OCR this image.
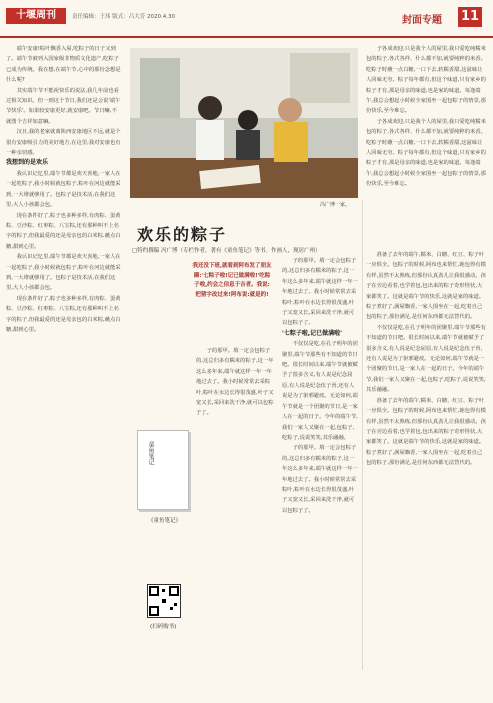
十堰周刊	责任编辑：王玮 版式：吕大芳 2020.4.30	封面专题 11

端午安康!粽叶飘香入屋,吃粽子的日子又到了。端午节被列入国家级非物质文化遗产,吃粽子已成为传统。我在想,在端午节,心中的那份念想是什么呢?

其实端午节不能祝快乐的说法,我几年前也看过相关知识。但一到这个节日,我们还是会说'端午节快乐'。如果较安康更好,就安康吧。节日嘛,不就图个吉祥如意嘛。

汉且,我的老家就离陕西安康地区不远,就是个很有安康吸引力的美好地方,在这里,我对安康也有一种亲切感。

我想到的是欢乐

我认识记忆里,端午节都是欢天喜地,一家人在一起吃粽子,我小时候就包粽子,粽叶在河边就能采到,一大堆就够用了。包粽子是技术活,在我们这里,大人小孩都会包。

现在条件好了,粽子也多种多样,有肉粽、蛋黄粽、豆沙粽、红枣粽、八宝粽,还有那种叫不上名字的粽子,但我最爱的还是母亲包的白米粽,蘸点白糖,甜到心里。

我认识记忆里,端午节都是欢天喜地,一家人在一起吃粽子,我小时候就包粽子,粽叶在河边就能采到,一大堆就够用了。包粽子是技术活,在我们这里,大人小孩都会包。

现在条件好了,粽子也多种多样,有肉粽、蛋黄粽、豆沙粽、红枣粽、八宝粽,还有那种叫不上名字的粽子,但我最爱的还是母亲包的白米粽,蘸点白糖,甜到心里。

冯广博一家。

子各成欢迎,只是我个人的屋里,我只爱吃纯糯米包的粽子,各式各样、什么都不加,就要纯粹的米香。吃粽子时蘸一点白糖,一口下去,软糯香甜,这滋味让人回味无穷。粽子每年都有,但这个味道,只有家乡的粽子才有,那是母亲的味道,也是家的味道。每逢端午,我总会想起小时候全家围坐一起包粽子的情景,那份快乐,至今难忘。

子各成欢迎,只是我个人的屋里,我只爱吃纯糯米包的粽子,各式各样、什么都不加,就要纯粹的米香。吃粽子时蘸一点白糖,一口下去,软糯香甜,这滋味让人回味无穷。粽子每年都有,但这个味道,只有家乡的粽子才有,那是母亲的味道,也是家的味道。每逢端午,我总会想起小时候全家围坐一起包粽子的情景,那份快乐,至今难忘。

欢乐的粽子
□特约撰稿 冯广博（专栏作者，著有《童鱼笔记》等书。作画人，现居广州）
我还没下班,就看到阿布发了朋友圈:'七粽子啦!记已做满啦!'吃粽子啦,约会之信息于吉者。我说:把猪字改过来!阿布说:就是的!
童鱼笔记
《童鱼笔记》
(扫码购书)

子的那甲。填一定会包粽子的,这总归多有糯米的粽子,这一年这么多年来,端午就这样一年一年地过去了。我小时候常常去采粽叶,粽叶在水边长得很茂盛,叶子又宽又长,采回来洗干净,就可以包粽子了。

子的那甲。填一定会包粽子的,这总归多有糯米的粽子,这一年这么多年来,端午就这样一年一年地过去了。我小时候常常去采粽叶,粽叶在水边长得很茂盛,叶子又宽又长,采回来洗干净,就可以包粽子了。

'七粽子啦,记已做满啦'

不仅仅是吃,在孔子明年的团聚里,端午节那些有不知道的节日吧。很长时间以来,端午节就被赋予了很多含义,有人说是纪念屈原,有人说是纪念伍子胥,还有人说是为了驱邪避疫。无论如何,端午节就是一个团聚的节日,是一家人在一起的日子。今年的端午节,我们一家人又聚在一起,包粽子,吃粽子,说说笑笑,其乐融融。

子的那甲。填一定会包粽子的,这总归多有糯米的粽子,这一年这么多年来,端午就这样一年一年地过去了。我小时候常常去采粽叶,粽叶在水边长得很茂盛,叶子又宽又长,采回来洗干净,就可以包粽子了。

准备了去年的端午,糯米、白糖、红豆、粽子叶一应俱全。包粽子的时候,阿布也来帮忙,她包得有模有样,虽然不太熟练,但那份认真劲儿让我很感动。孩子在旁边看着,也学着包,包出来的粽子奇形怪状,大家都笑了。这就是端午节的快乐,这就是家的味道。粽子煮好了,满屋飘香,一家人围坐在一起,吃着自己包的粽子,那份满足,是任何东西都无法替代的。

不仅仅是吃,在孔子明年的团聚里,端午节那些有不知道的节日吧。很长时间以来,端午节就被赋予了很多含义,有人说是纪念屈原,有人说是纪念伍子胥,还有人说是为了驱邪避疫。无论如何,端午节就是一个团聚的节日,是一家人在一起的日子。今年的端午节,我们一家人又聚在一起,包粽子,吃粽子,说说笑笑,其乐融融。

准备了去年的端午,糯米、白糖、红豆、粽子叶一应俱全。包粽子的时候,阿布也来帮忙,她包得有模有样,虽然不太熟练,但那份认真劲儿让我很感动。孩子在旁边看着,也学着包,包出来的粽子奇形怪状,大家都笑了。这就是端午节的快乐,这就是家的味道。粽子煮好了,满屋飘香,一家人围坐在一起,吃着自己包的粽子,那份满足,是任何东西都无法替代的。
